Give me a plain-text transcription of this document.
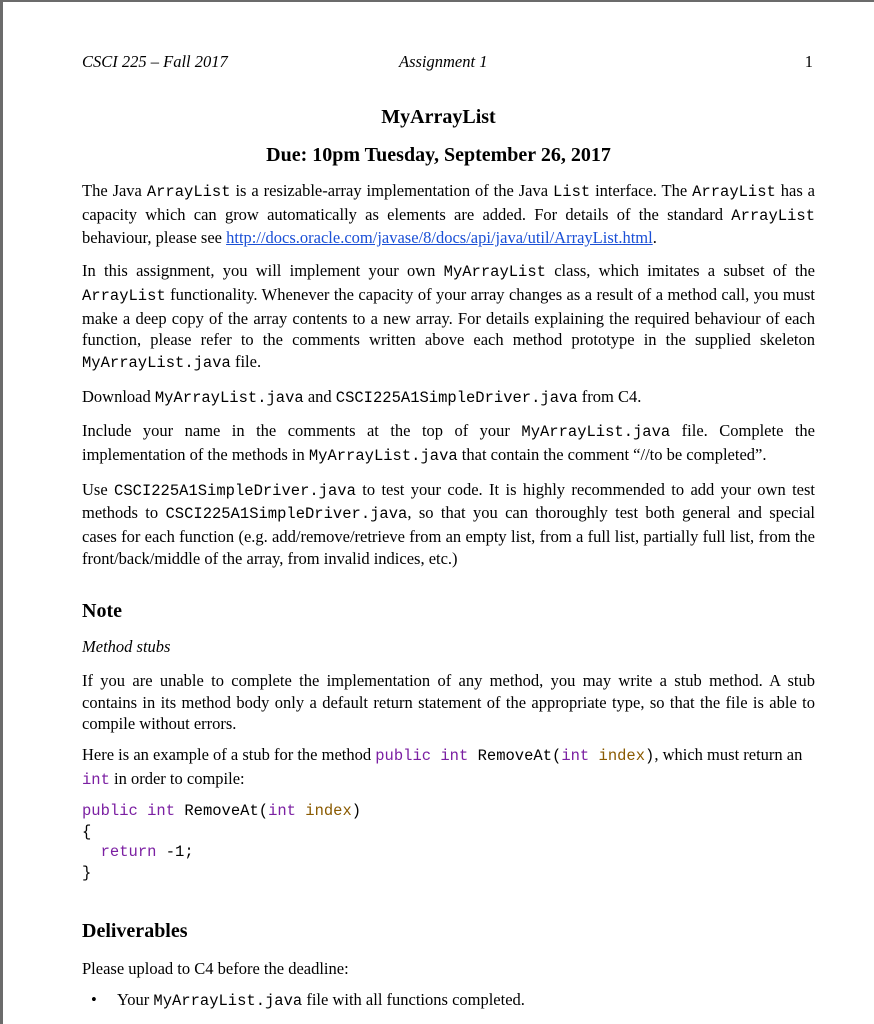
CSCI 225 – Fall 2017	Assignment 1	1
MyArrayList
Due: 10pm Tuesday, September 26, 2017

The Java ArrayList is a resizable-array implementation of the Java List interface. The ArrayList has a capacity which can grow automatically as elements are added. For details of the standard ArrayList behaviour, please see http://docs.oracle.com/javase/8/docs/api/java/util/ArrayList.html.

In this assignment, you will implement your own MyArrayList class, which imitates a subset of the ArrayList functionality. Whenever the capacity of your array changes as a result of a method call, you must make a deep copy of the array contents to a new array. For details explaining the required behaviour of each function, please refer to the comments written above each method prototype in the supplied skeleton MyArrayList.java file.

Download MyArrayList.java and CSCI225A1SimpleDriver.java from C4.

Include your name in the comments at the top of your MyArrayList.java file. Complete the implementation of the methods in MyArrayList.java that contain the comment “//to be completed”.

Use CSCI225A1SimpleDriver.java to test your code. It is highly recommended to add your own test methods to CSCI225A1SimpleDriver.java, so that you can thoroughly test both general and special cases for each function (e.g. add/remove/retrieve from an empty list, from a full list, partially full list, from the front/back/middle of the array, from invalid indices, etc.)

Note
Method stubs

If you are unable to complete the implementation of any method, you may write a stub method. A stub contains in its method body only a default return statement of the appropriate type, so that the file is able to compile without errors.

Here is an example of a stub for the method public int RemoveAt(int index), which must return an int in order to compile:

public int RemoveAt(int index)
{
return -1;
}
Deliverables
Please upload to C4 before the deadline:
• Your MyArrayList.java file with all functions completed.
